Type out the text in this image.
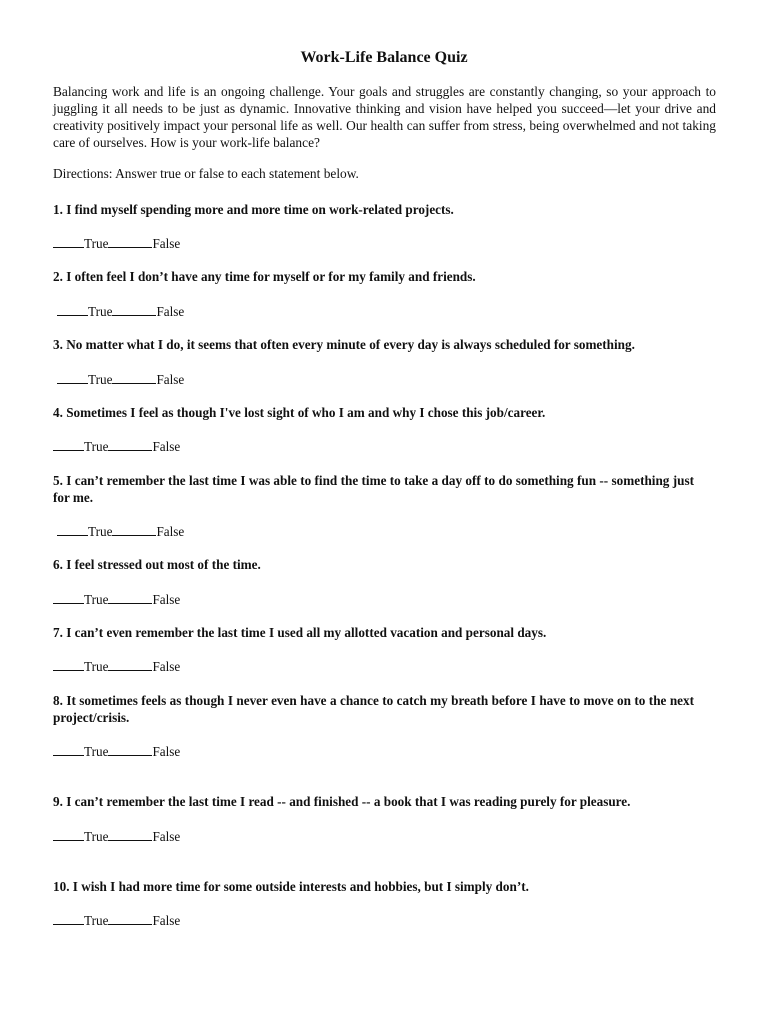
Work-Life Balance Quiz

Balancing work and life is an ongoing challenge. Your goals and struggles are constantly changing, so your approach to juggling it all needs to be just as dynamic. Innovative thinking and vision have helped you succeed—let your drive and creativity positively impact your personal life as well. Our health can suffer from stress, being overwhelmed and not taking care of ourselves. How is your work-life balance?

Directions: Answer true or false to each statement below.

1. I find myself spending more and more time on work-related projects.

True	False

2. I often feel I don’t have any time for myself or for my family and friends.

True	False

3. No matter what I do, it seems that often every minute of every day is always scheduled for something.

True	False

4. Sometimes I feel as though I've lost sight of who I am and why I chose this job/career.

True	False

5. I can’t remember the last time I was able to find the time to take a day off to do something fun -- something just for me.

True	False

6. I feel stressed out most of the time.

True	False

7. I can’t even remember the last time I used all my allotted vacation and personal days.

True	False

8. It sometimes feels as though I never even have a chance to catch my breath before I have to move on to the next project/crisis.

True	False

9. I can’t remember the last time I read -- and finished -- a book that I was reading purely for pleasure.

True	False

10. I wish I had more time for some outside interests and hobbies, but I simply don’t.

True	False
